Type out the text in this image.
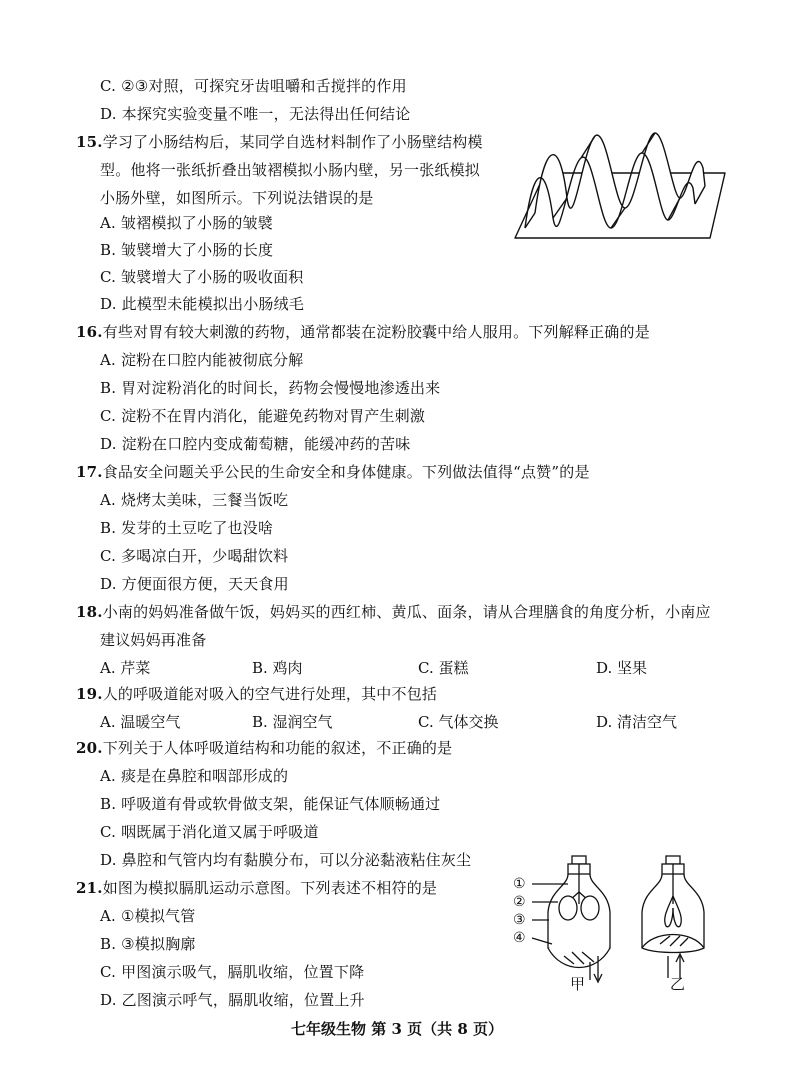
C. ②③对照，可探究牙齿咀嚼和舌搅拌的作用
D. 本探究实验变量不唯一，无法得出任何结论
15.学习了小肠结构后，某同学自选材料制作了小肠壁结构模
型。他将一张纸折叠出皱褶模拟小肠内壁，另一张纸模拟
小肠外壁，如图所示。下列说法错误的是
A. 皱褶模拟了小肠的皱襞
B. 皱襞增大了小肠的长度
C. 皱襞增大了小肠的吸收面积
D. 此模型未能模拟出小肠绒毛
16.有些对胃有较大刺激的药物，通常都装在淀粉胶囊中给人服用。下列解释正确的是
A. 淀粉在口腔内能被彻底分解
B. 胃对淀粉消化的时间长，药物会慢慢地渗透出来
C. 淀粉不在胃内消化，能避免药物对胃产生刺激
D. 淀粉在口腔内变成葡萄糖，能缓冲药的苦味
17.食品安全问题关乎公民的生命安全和身体健康。下列做法值得“点赞”的是
A. 烧烤太美味，三餐当饭吃
B. 发芽的土豆吃了也没啥
C. 多喝凉白开，少喝甜饮料
D. 方便面很方便，天天食用
18.小南的妈妈准备做午饭，妈妈买的西红柿、黄瓜、面条，请从合理膳食的角度分析，小南应
建议妈妈再准备
A. 芹菜	B. 鸡肉	C. 蛋糕	D. 坚果
19.人的呼吸道能对吸入的空气进行处理，其中不包括
A. 温暖空气	B. 湿润空气	C. 气体交换	D. 清洁空气
20.下列关于人体呼吸道结构和功能的叙述，不正确的是
A. 痰是在鼻腔和咽部形成的
B. 呼吸道有骨或软骨做支架，能保证气体顺畅通过
C. 咽既属于消化道又属于呼吸道
D. 鼻腔和气管内均有黏膜分布，可以分泌黏液粘住灰尘
21.如图为模拟膈肌运动示意图。下列表述不相符的是
A. ①模拟气管
B. ③模拟胸廓
C. 甲图演示吸气，膈肌收缩，位置下降
D. 乙图演示呼气，膈肌收缩，位置上升
①
②
③
④
甲	乙
七年级生物 第 3 页（共 8 页）
